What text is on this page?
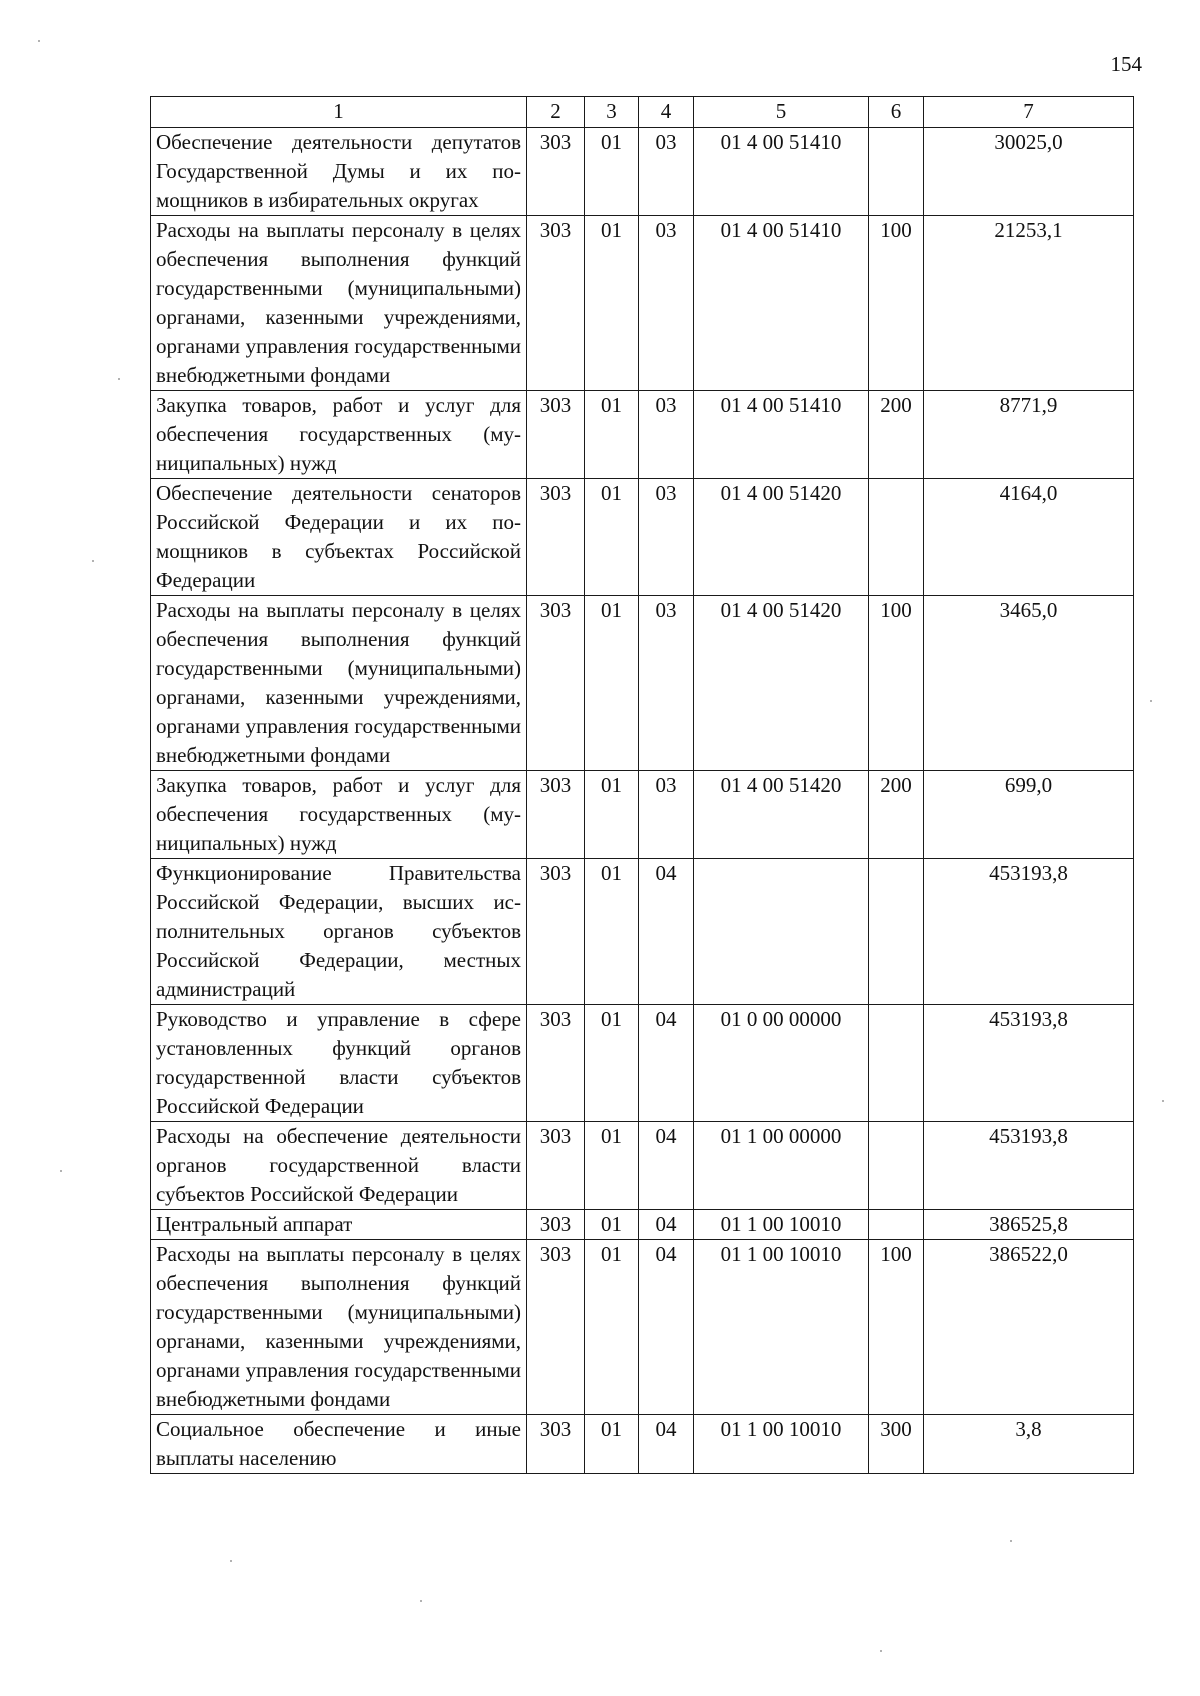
154
1	2	3	4	5	6	7
Обеспечение деятельности депутатов Государственной Думы и их помощников в избирательных округах	303	01	03	01 4 00 51410		30025,0
Расходы на выплаты персоналу в целях обеспечения выполнения функций государственными (муниципальными) органами, казенными учреждениями, органами управления государственными внебюджетными фондами	303	01	03	01 4 00 51410	100	21253,1
Закупка товаров, работ и услуг для обеспечения государственных (муниципальных) нужд	303	01	03	01 4 00 51410	200	8771,9
Обеспечение деятельности сенаторов Российской Федерации и их помощников в субъектах Российской Федерации	303	01	03	01 4 00 51420		4164,0
Расходы на выплаты персоналу в целях обеспечения выполнения функций государственными (муниципальными) органами, казенными учреждениями, органами управления государственными внебюджетными фондами	303	01	03	01 4 00 51420	100	3465,0
Закупка товаров, работ и услуг для обеспечения государственных (муниципальных) нужд	303	01	03	01 4 00 51420	200	699,0
Функционирование Правительства Российской Федерации, высших исполнительных органов субъектов Российской Федерации, местных администраций	303	01	04			453193,8
Руководство и управление в сфере установленных функций органов государственной власти субъектов Российской Федерации	303	01	04	01 0 00 00000		453193,8
Расходы на обеспечение деятельности органов государственной власти субъектов Российской Федерации	303	01	04	01 1 00 00000		453193,8
Центральный аппарат	303	01	04	01 1 00 10010		386525,8
Расходы на выплаты персоналу в целях обеспечения выполнения функций государственными (муниципальными) органами, казенными учреждениями, органами управления государственными внебюджетными фондами	303	01	04	01 1 00 10010	100	386522,0
Социальное обеспечение и иные выплаты населению	303	01	04	01 1 00 10010	300	3,8
